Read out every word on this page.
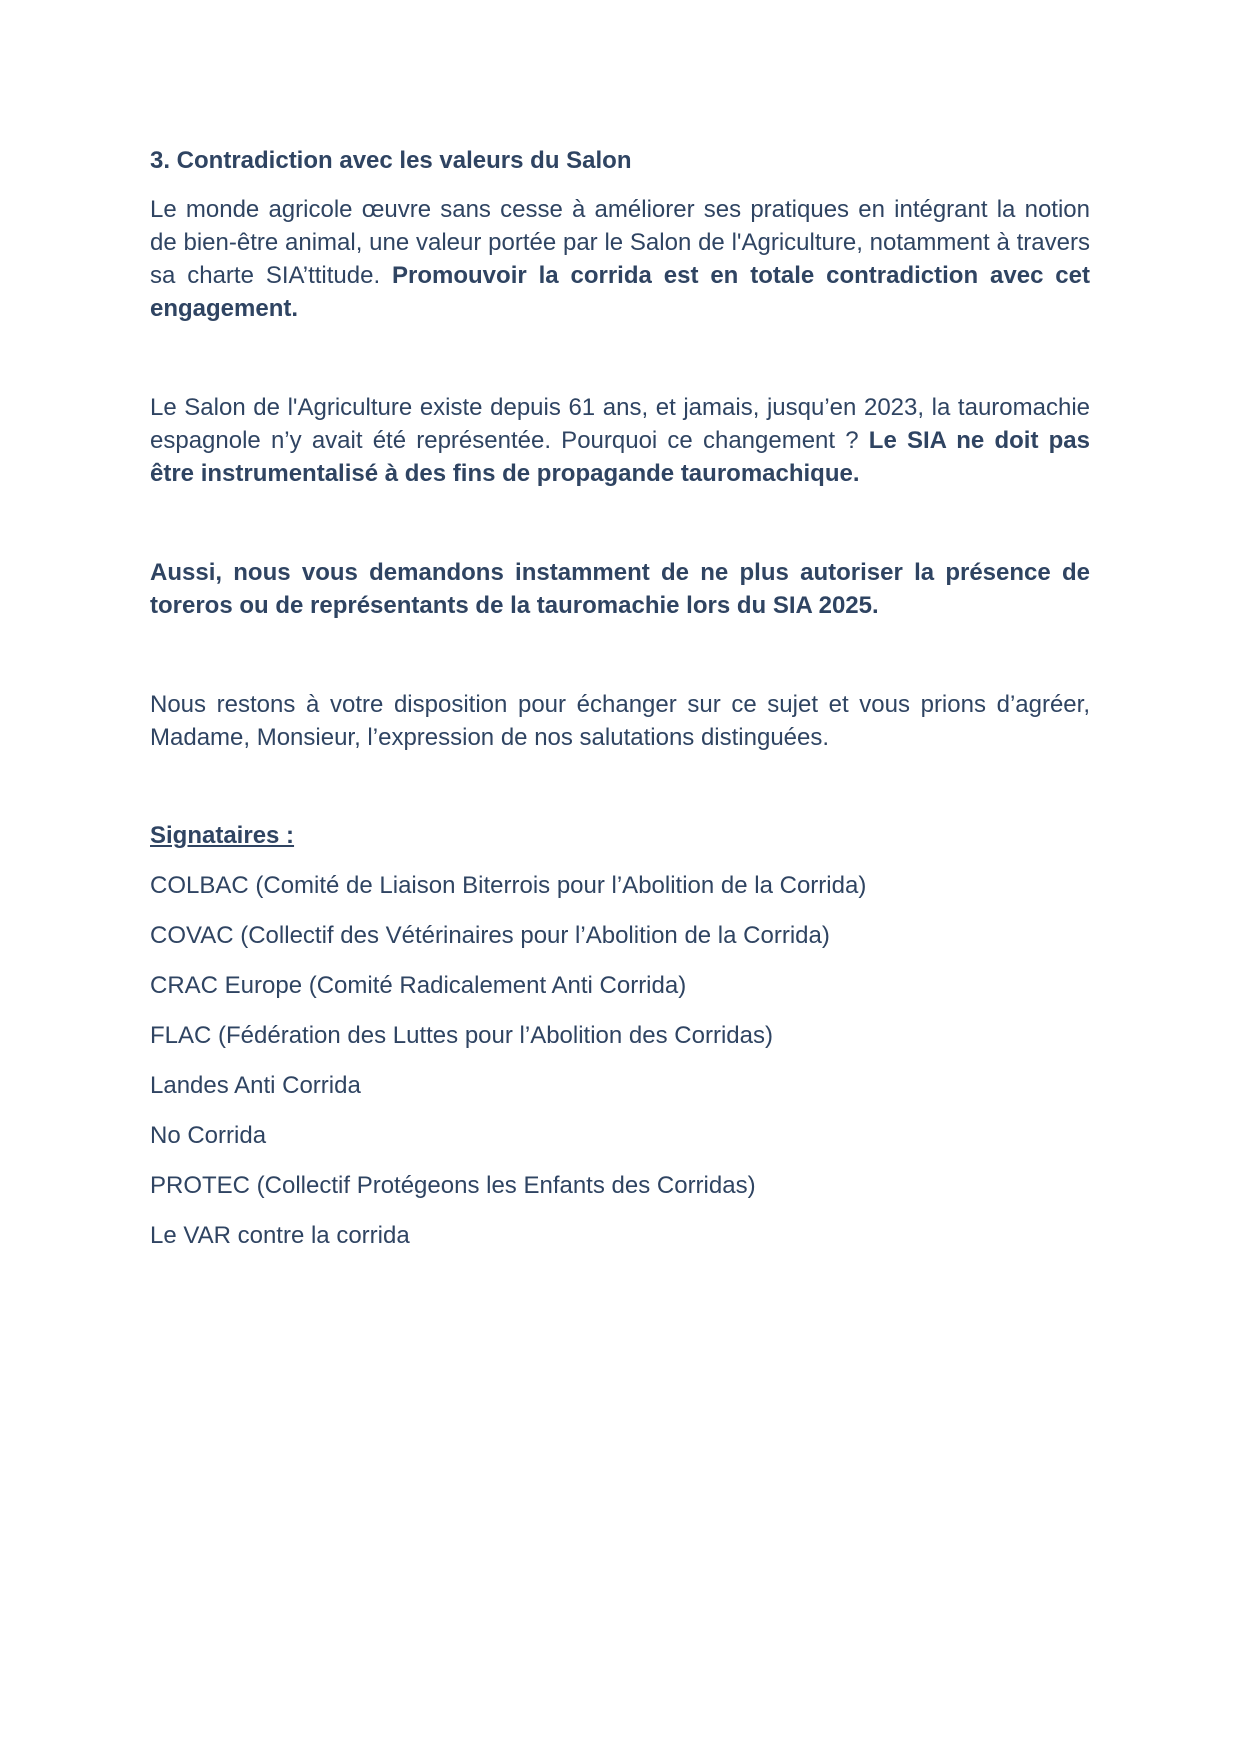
3. Contradiction avec les valeurs du Salon

Le monde agricole œuvre sans cesse à améliorer ses pratiques en intégrant la notion de bien-être animal, une valeur portée par le Salon de l'Agriculture, notamment à travers sa charte SIA’ttitude. Promouvoir la corrida est en totale contradiction avec cet engagement.

Le Salon de l'Agriculture existe depuis 61 ans, et jamais, jusqu’en 2023, la tauromachie espagnole n’y avait été représentée. Pourquoi ce changement ? Le SIA ne doit pas être instrumentalisé à des fins de propagande tauromachique.

Aussi, nous vous demandons instamment de ne plus autoriser la présence de toreros ou de représentants de la tauromachie lors du SIA 2025.

Nous restons à votre disposition pour échanger sur ce sujet et vous prions d’agréer, Madame, Monsieur, l’expression de nos salutations distinguées.

Signataires :
COLBAC (Comité de Liaison Biterrois pour l’Abolition de la Corrida)
COVAC (Collectif des Vétérinaires pour l’Abolition de la Corrida)
CRAC Europe (Comité Radicalement Anti Corrida)
FLAC (Fédération des Luttes pour l’Abolition des Corridas)
Landes Anti Corrida
No Corrida
PROTEC (Collectif Protégeons les Enfants des Corridas)
Le VAR contre la corrida
